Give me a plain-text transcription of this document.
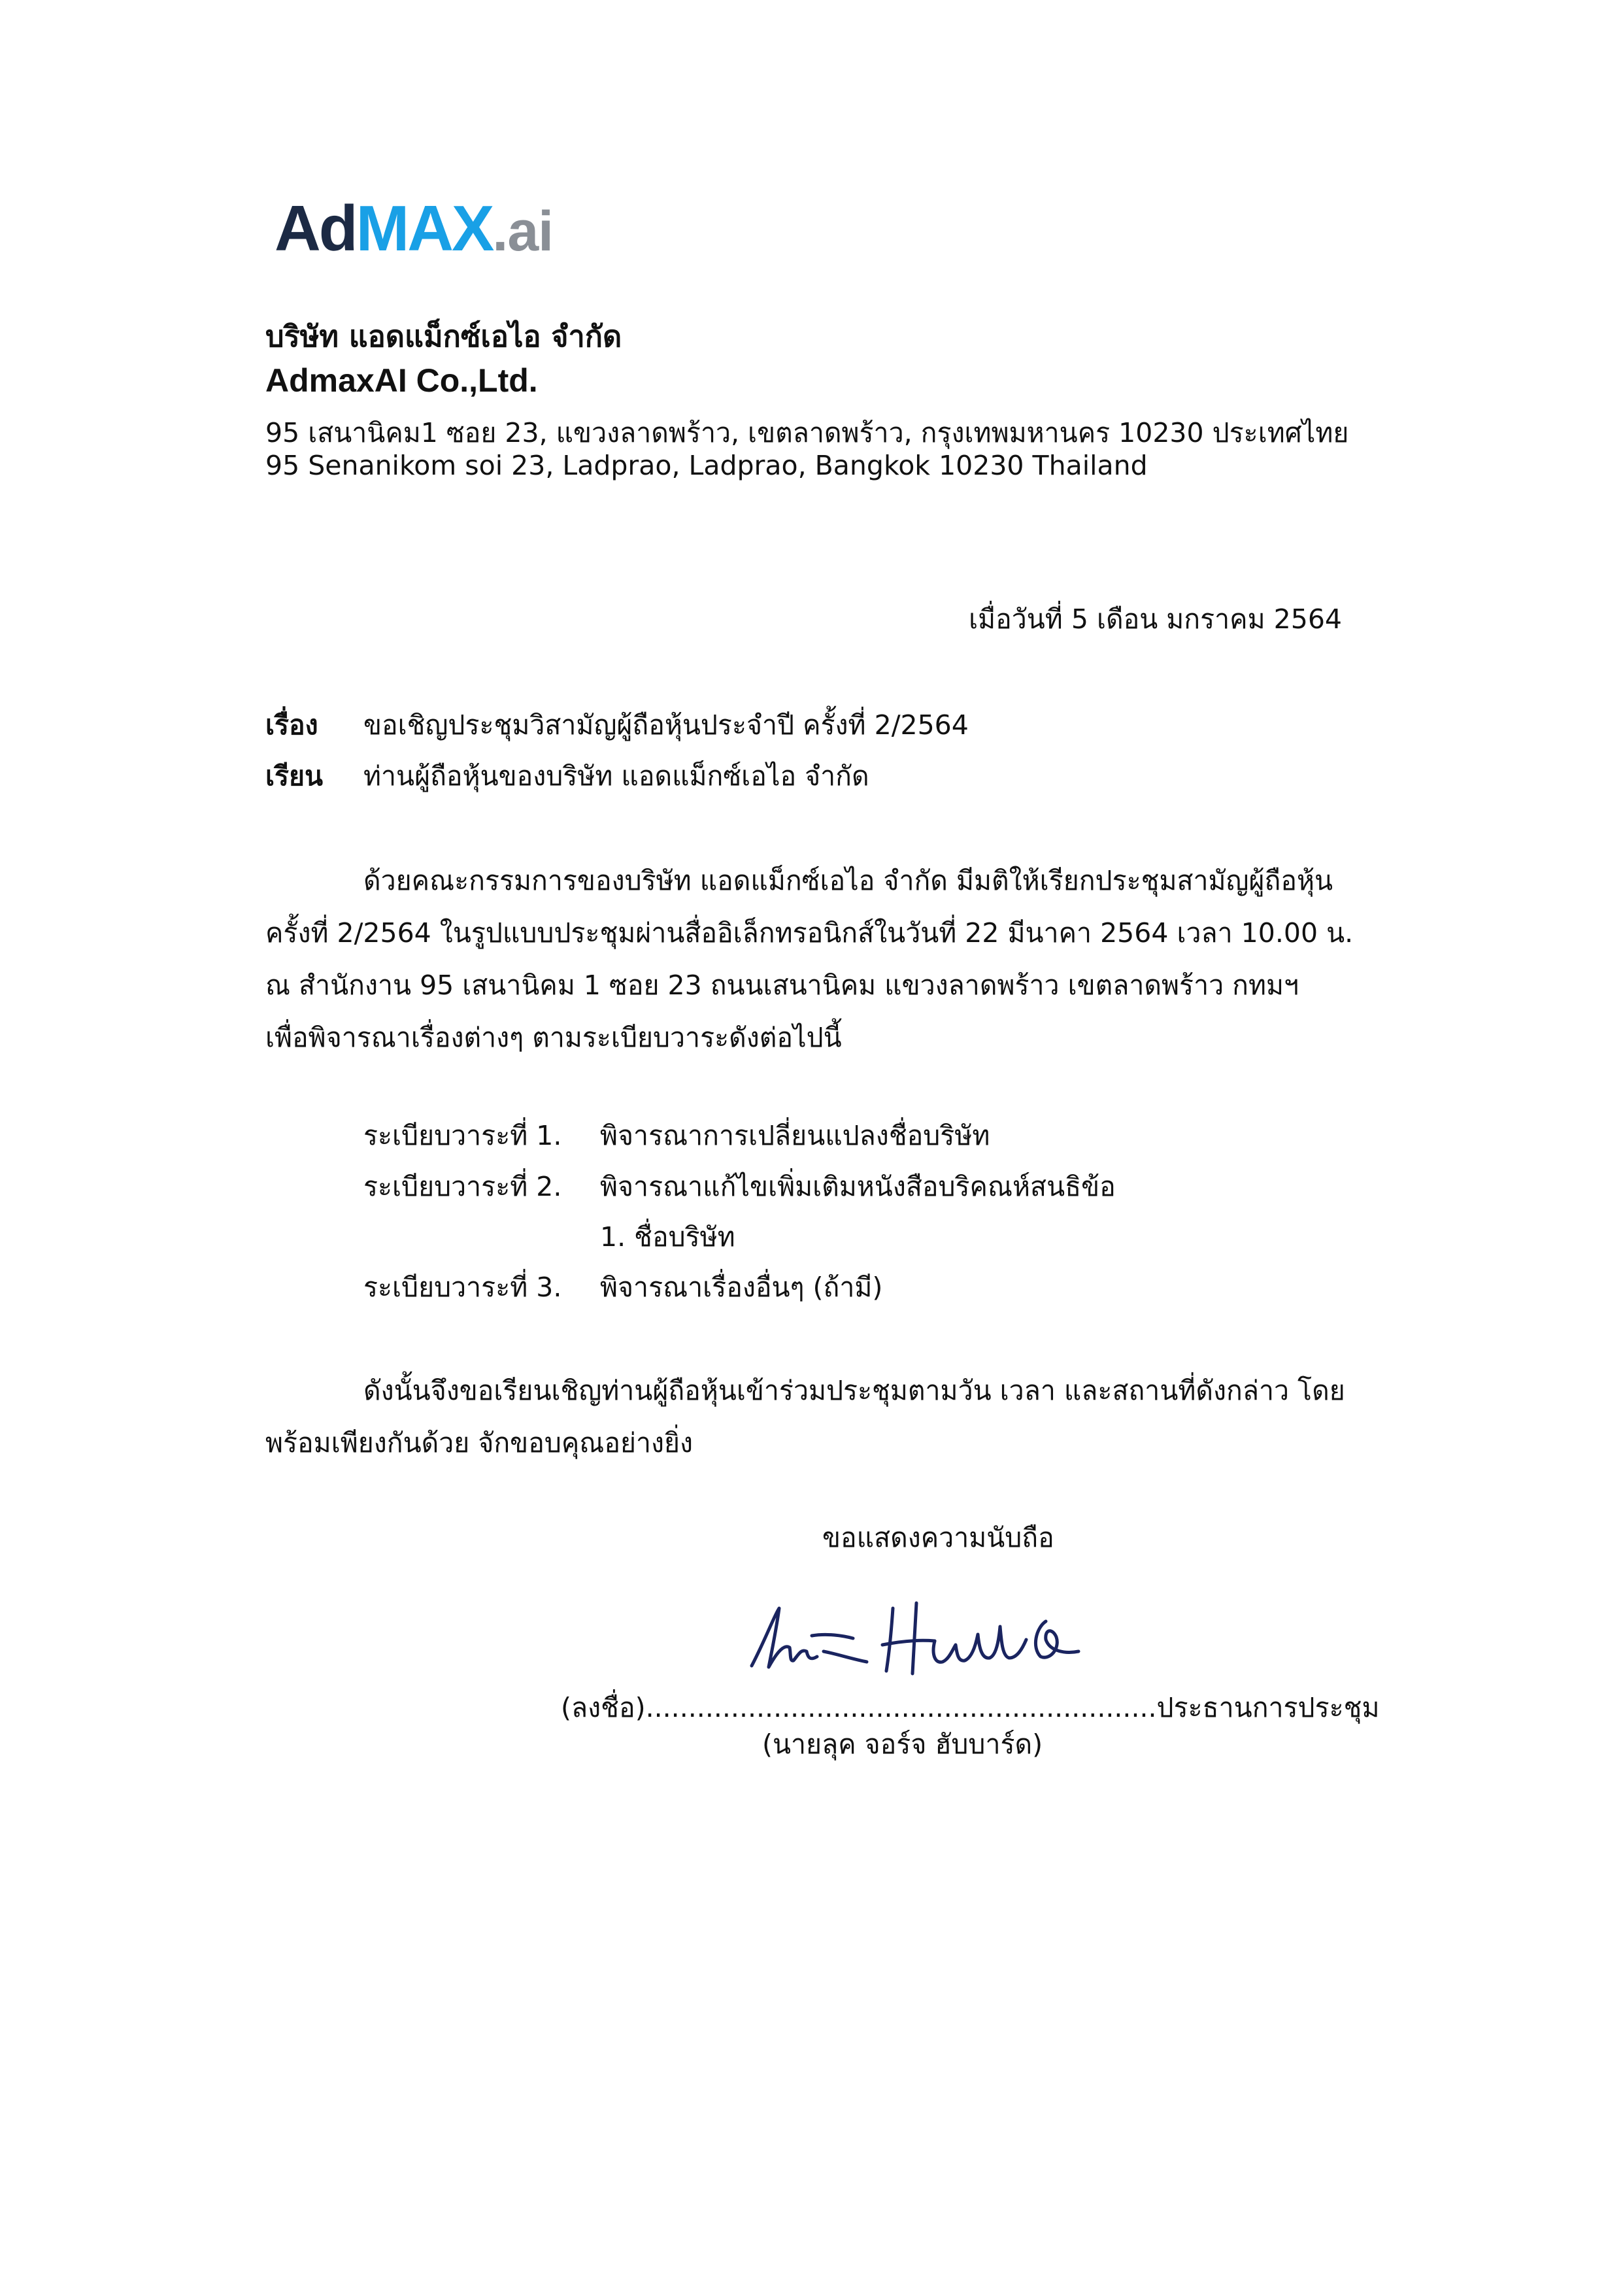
AdMAX.ai
บริษัท แอดแม็กซ์เอไอ จำกัด
AdmaxAI Co.,Ltd.
95 เสนานิคม1 ซอย 23, แขวงลาดพร้าว, เขตลาดพร้าว, กรุงเทพมหานคร 10230 ประเทศไทย
95 Senanikom soi 23, Ladprao, Ladprao, Bangkok 10230 Thailand
เมื่อวันที่ 5 เดือน มกราคม 2564
เรื่อง ขอเชิญประชุมวิสามัญผู้ถือหุ้นประจำปี ครั้งที่ 2/2564
เรียน ท่านผู้ถือหุ้นของบริษัท แอดแม็กซ์เอไอ จำกัด
ด้วยคณะกรรมการของบริษัท แอดแม็กซ์เอไอ จำกัด มีมติให้เรียกประชุมสามัญผู้ถือหุ้น
ครั้งที่ 2/2564 ในรูปแบบประชุมผ่านสื่ออิเล็กทรอนิกส์ในวันที่ 22 มีนาคา 2564 เวลา 10.00 น.
ณ สำนักงาน 95 เสนานิคม 1 ซอย 23 ถนนเสนานิคม แขวงลาดพร้าว เขตลาดพร้าว กทมฯ
เพื่อพิจารณาเรื่องต่างๆ ตามระเบียบวาระดังต่อไปนี้
ระเบียบวาระที่ 1. พิจารณาการเปลี่ยนแปลงชื่อบริษัท
ระเบียบวาระที่ 2. พิจารณาแก้ไขเพิ่มเติมหนังสือบริคณห์สนธิข้อ
1. ชื่อบริษัท
ระเบียบวาระที่ 3. พิจารณาเรื่องอื่นๆ (ถ้ามี)
ดังนั้นจึงขอเรียนเชิญท่านผู้ถือหุ้นเข้าร่วมประชุมตามวัน เวลา และสถานที่ดังกล่าว โดย
พร้อมเพียงกันด้วย จักขอบคุณอย่างยิ่ง
ขอแสดงความนับถือ
(ลงชื่อ)............................................................ประธานการประชุม
(นายลุค จอร์จ ฮับบาร์ด)
